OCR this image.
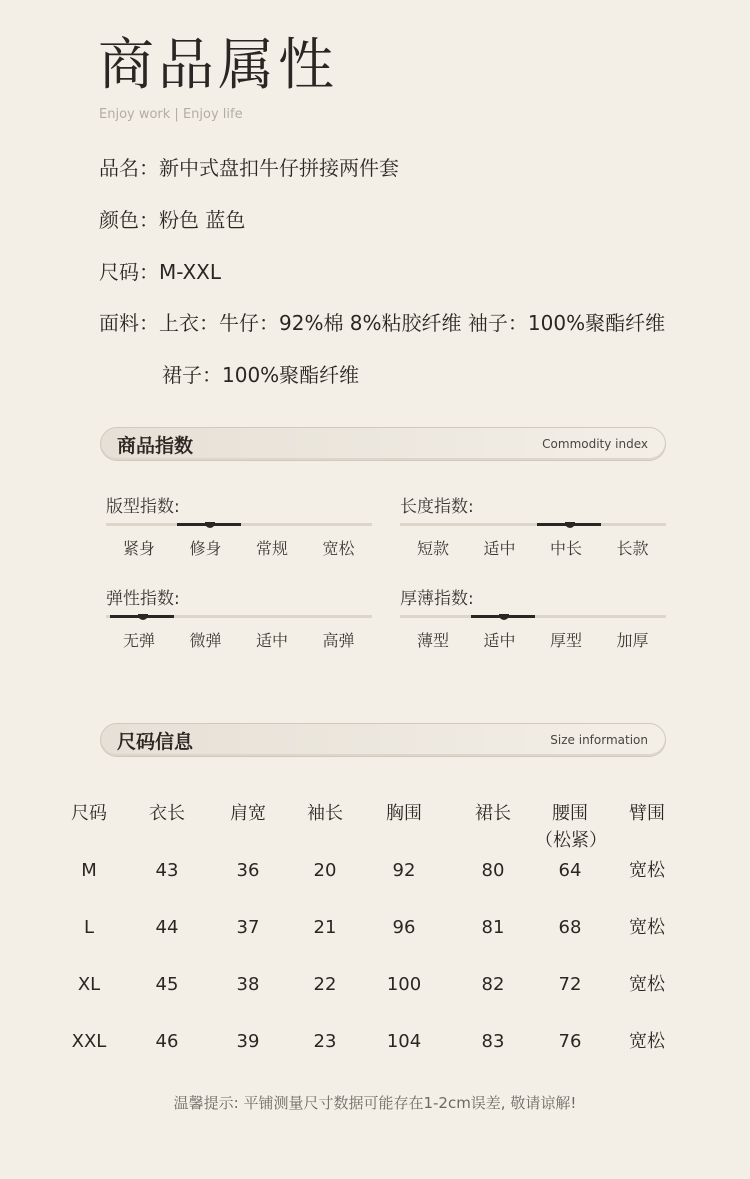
商品属性
Enjoy work | Enjoy life
品名：新中式盘扣牛仔拼接两件套
颜色：粉色 蓝色
尺码：M-XXL
面料：上衣：牛仔：92%棉 8%粘胶纤维 袖子：100%聚酯纤维
裙子：100%聚酯纤维
商品指数	Commodity index
版型指数:
紧身	修身	常规	宽松
长度指数:
短款	适中	中长	长款
弹性指数:
无弹	微弹	适中	高弹
厚薄指数:
薄型	适中	厚型	加厚
尺码信息	Size information
尺码	衣长	肩宽	袖长	胸围	裙长	腰围	臂围
（松紧）
M	43	36	20	92	80	64	宽松
L	44	37	21	96	81	68	宽松
XL	45	38	22	100	82	72	宽松
XXL	46	39	23	104	83	76	宽松
温馨提示: 平铺测量尺寸数据可能存在1-2cm误差, 敬请谅解!
